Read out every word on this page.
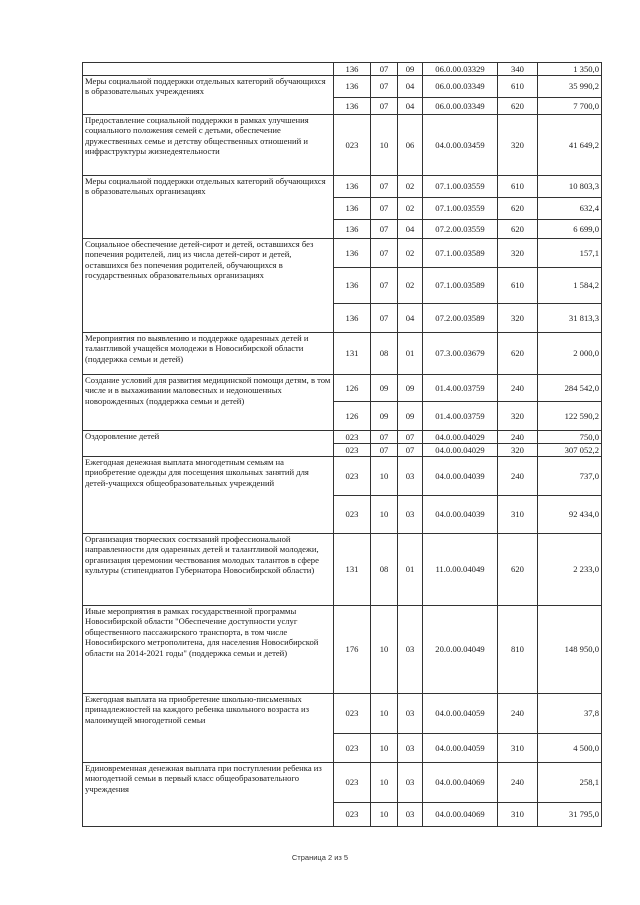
	136	07	09	06.0.00.03329	340	1 350,0
Меры социальной поддержки отдельных категорий обучающихся в образовательных учреждениях	136	07	04	06.0.00.03349	610	35 990,2
	136	07	04	06.0.00.03349	620	7 700,0
Предоставление социальной поддержки в рамках улучшения социального положения семей с детьми, обеспечение дружественных семье и детству общественных отношений и инфраструктуры жизнедеятельности	023	10	06	04.0.00.03459	320	41 649,2
Меры социальной поддержки отдельных категорий обучающихся в образовательных организациях	136	07	02	07.1.00.03559	610	10 803,3
	136	07	02	07.1.00.03559	620	632,4
	136	07	04	07.2.00.03559	620	6 699,0
Социальное обеспечение детей-сирот и детей, оставшихся без попечения родителей, лиц из числа детей-сирот и детей, оставшихся без попечения родителей, обучающихся в государственных образовательных организациях	136	07	02	07.1.00.03589	320	157,1
	136	07	02	07.1.00.03589	610	1 584,2
	136	07	04	07.2.00.03589	320	31 813,3
Мероприятия по выявлению и поддержке одаренных детей и талантливой учащейся молодежи в Новосибирской области (поддержка семьи и детей)	131	08	01	07.3.00.03679	620	2 000,0
Создание условий для развития медицинской помощи детям, в том числе и в выхаживании маловесных и недоношенных новорожденных (поддержка семьи и детей)	126	09	09	01.4.00.03759	240	284 542,0
	126	09	09	01.4.00.03759	320	122 590,2
Оздоровление детей	023	07	07	04.0.00.04029	240	750,0
	023	07	07	04.0.00.04029	320	307 052,2
Ежегодная денежная выплата многодетным семьям на приобретение одежды для посещения школьных занятий для детей-учащихся общеобразовательных учреждений	023	10	03	04.0.00.04039	240	737,0
	023	10	03	04.0.00.04039	310	92 434,0
Организация творческих состязаний профессиональной направленности для одаренных детей и талантливой молодежи, организация церемонии чествования молодых талантов в сфере культуры (стипендиатов Губернатора Новосибирской области)	131	08	01	11.0.00.04049	620	2 233,0
Иные мероприятия в рамках государственной программы Новосибирской области "Обеспечение доступности услуг общественного пассажирского транспорта, в том числе Новосибирского метрополитена, для населения Новосибирской области на 2014-2021 годы" (поддержка семьи и детей)	176	10	03	20.0.00.04049	810	148 950,0
Ежегодная выплата на приобретение школьно-письменных принадлежностей на каждого ребенка школьного возраста из малоимущей многодетной семьи	023	10	03	04.0.00.04059	240	37,8
	023	10	03	04.0.00.04059	310	4 500,0
Единовременная денежная выплата при поступлении ребенка из многодетной семьи в первый класс общеобразовательного учреждения	023	10	03	04.0.00.04069	240	258,1
	023	10	03	04.0.00.04069	310	31 795,0
Страница 2 из 5
